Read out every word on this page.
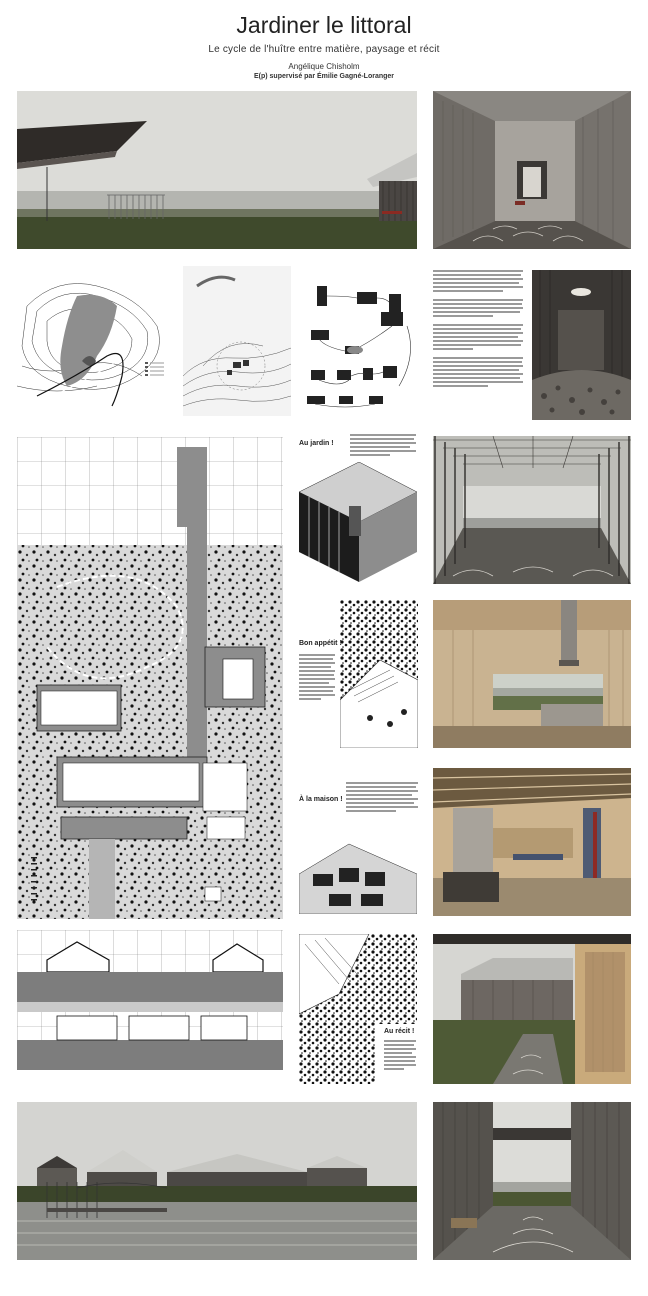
Jardiner le littoral
Le cycle de l'huître entre matière, paysage et récit
Angélique Chisholm
E(p) supervisé par Émilie Gagné-Loranger
Au jardin !
Bon appétit !
À la maison !
Au récit !
